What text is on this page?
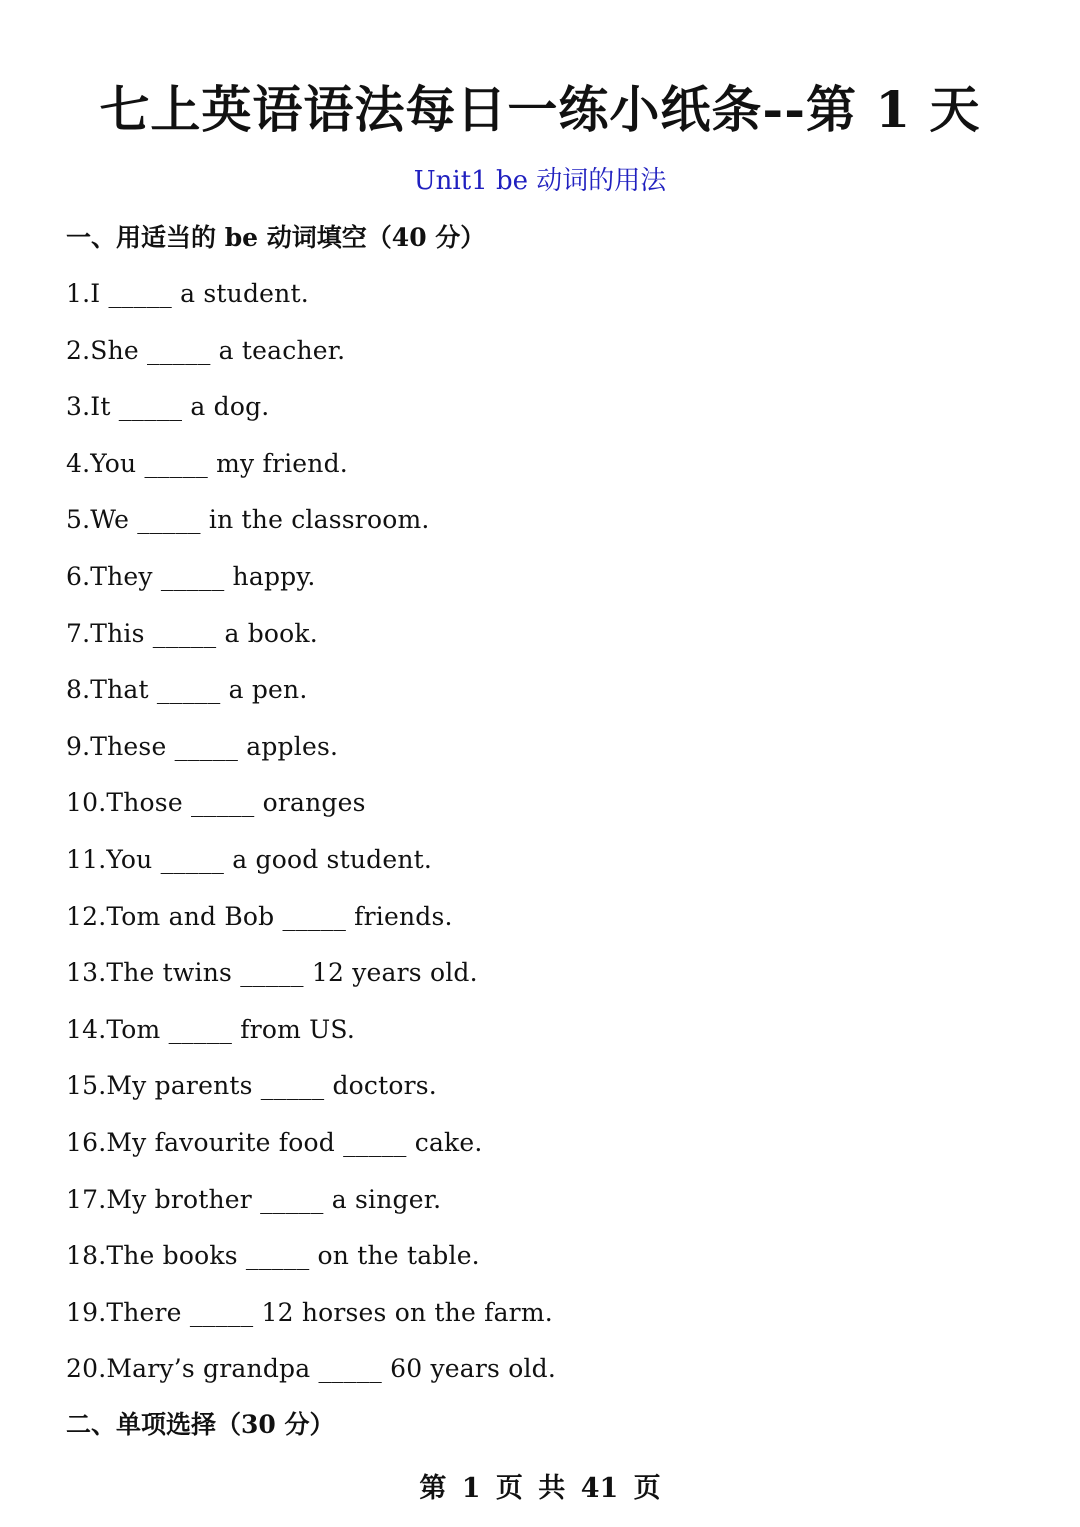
七上英语语法每日一练小纸条--第 1 天
Unit1 be 动词的用法
一、用适当的 be 动词填空（40 分）
1.I _____ a student.
2.She _____ a teacher.
3.It _____ a dog.
4.You _____ my friend.
5.We _____ in the classroom.
6.They _____ happy.
7.This _____ a book.
8.That _____ a pen.
9.These _____ apples.
10.Those _____ oranges
11.You _____ a good student.
12.Tom and Bob _____ friends.
13.The twins _____ 12 years old.
14.Tom _____ from US.
15.My parents _____ doctors.
16.My favourite food _____ cake.
17.My brother _____ a singer.
18.The books _____ on the table.
19.There _____ 12 horses on the farm.
20.Mary’s grandpa _____ 60 years old.
二、单项选择（30 分）
第 1 页 共 41 页
